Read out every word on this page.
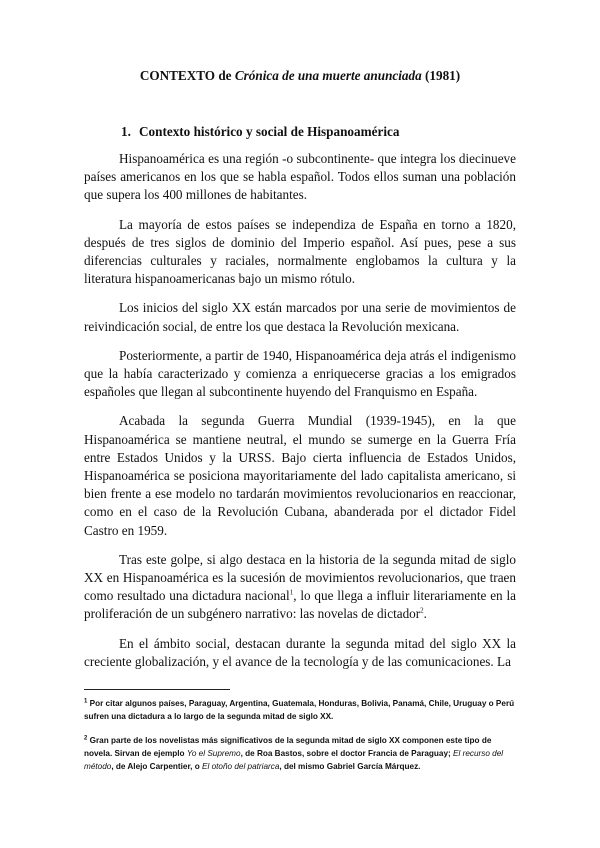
CONTEXTO de Crónica de una muerte anunciada (1981)
1. Contexto histórico y social de Hispanoamérica

Hispanoamérica es una región -o subcontinente- que integra los diecinueve países americanos en los que se habla español. Todos ellos suman una población que supera los 400 millones de habitantes.

La mayoría de estos países se independiza de España en torno a 1820, después de tres siglos de dominio del Imperio español. Así pues, pese a sus diferencias culturales y raciales, normalmente englobamos la cultura y la literatura hispanoamericanas bajo un mismo rótulo.

Los inicios del siglo XX están marcados por una serie de movimientos de reivindicación social, de entre los que destaca la Revolución mexicana.

Posteriormente, a partir de 1940, Hispanoamérica deja atrás el indigenismo que la había caracterizado y comienza a enriquecerse gracias a los emigrados españoles que llegan al subcontinente huyendo del Franquismo en España.

Acabada la segunda Guerra Mundial (1939-1945), en la que Hispanoamérica se mantiene neutral, el mundo se sumerge en la Guerra Fría entre Estados Unidos y la URSS. Bajo cierta influencia de Estados Unidos, Hispanoamérica se posiciona mayoritariamente del lado capitalista americano, si bien frente a ese modelo no tardarán movimientos revolucionarios en reaccionar, como en el caso de la Revolución Cubana, abanderada por el dictador Fidel Castro en 1959.

Tras este golpe, si algo destaca en la historia de la segunda mitad de siglo XX en Hispanoamérica es la sucesión de movimientos revolucionarios, que traen como resultado una dictadura nacional$^1$, lo que llega a influir literariamente en la proliferación de un subgénero narrativo: las novelas de dictador$^2$.

En el ámbito social, destacan durante la segunda mitad del siglo XX la creciente globalización, y el avance de la tecnología y de las comunicaciones. La

$^1$ Por citar algunos países, Paraguay, Argentina, Guatemala, Honduras, Bolivia, Panamá, Chile, Uruguay o Perú sufren una dictadura a lo largo de la segunda mitad de siglo XX.

$^2$ Gran parte de los novelistas más significativos de la segunda mitad de siglo XX componen este tipo de novela. Sirvan de ejemplo Yo el Supremo, de Roa Bastos, sobre el doctor Francia de Paraguay; El recurso del método, de Alejo Carpentier, o El otoño del patriarca, del mismo Gabriel García Márquez.
